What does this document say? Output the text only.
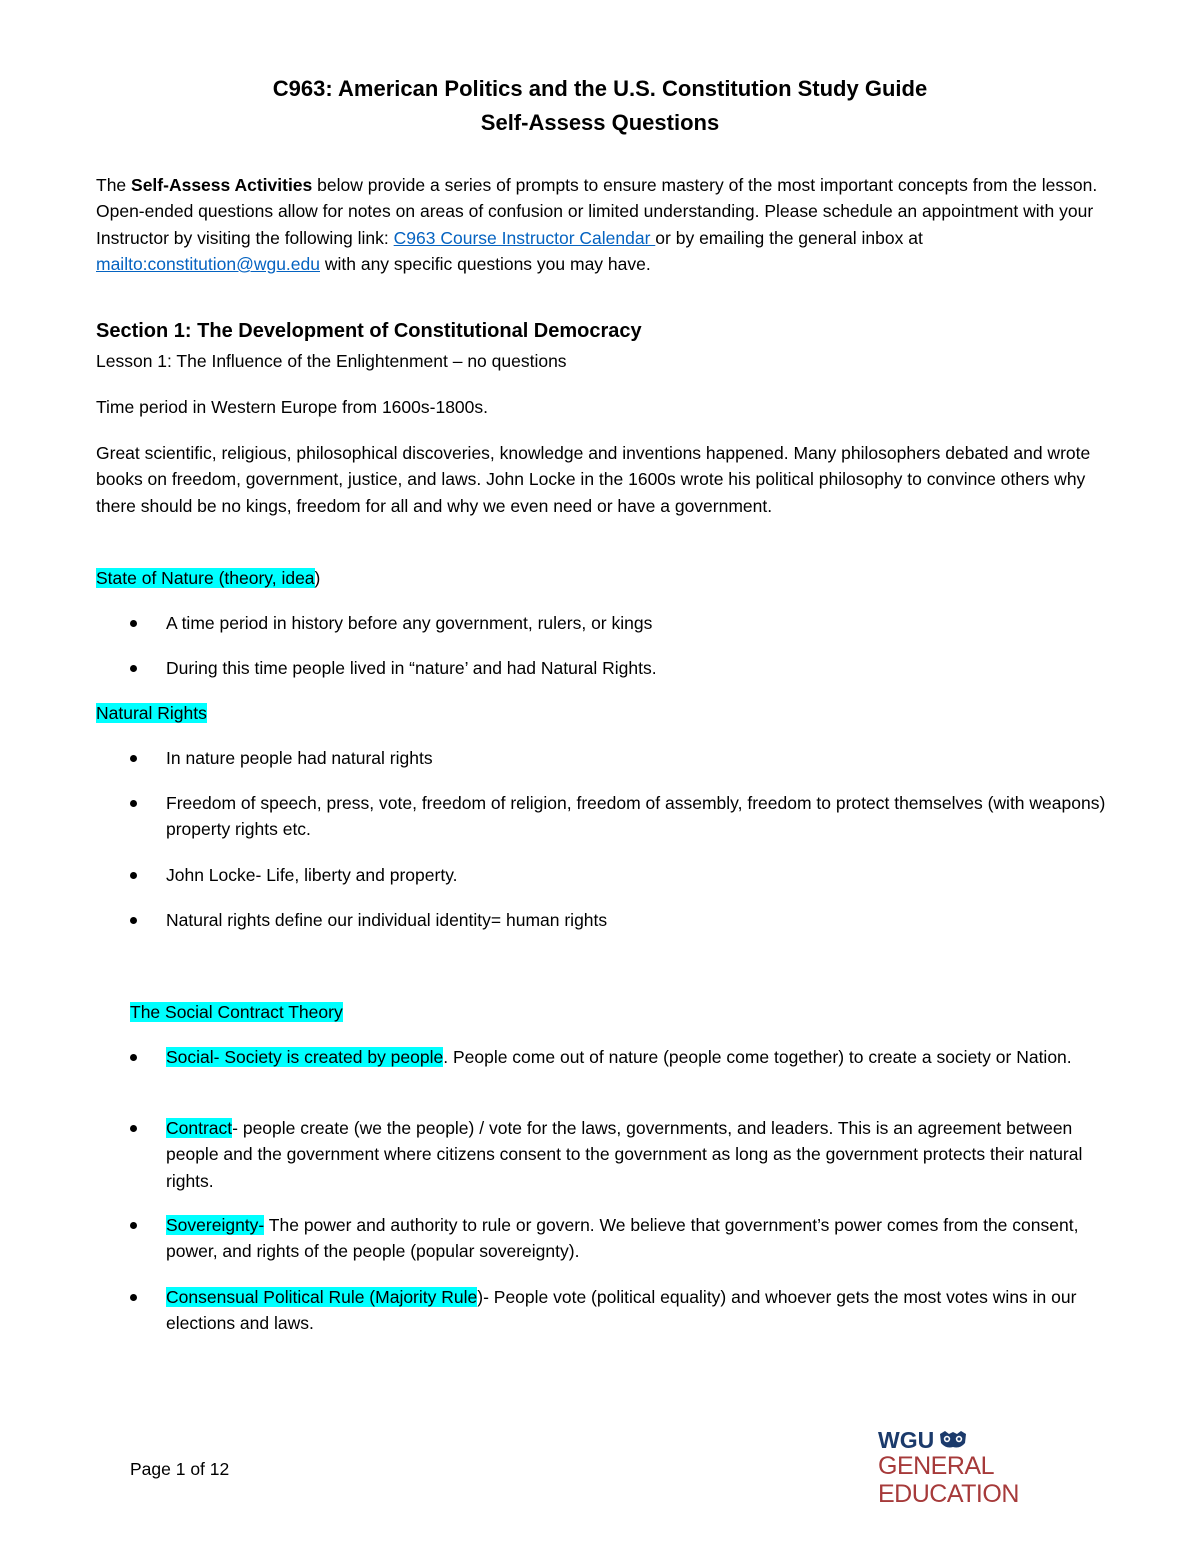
C963: American Politics and the U.S. Constitution Study Guide
Self-Assess Questions
The Self-Assess Activities below provide a series of prompts to ensure mastery of the most important concepts from the lesson. Open-ended questions allow for notes on areas of confusion or limited understanding. Please schedule an appointment with your Instructor by visiting the following link: C963 Course Instructor Calendar or by emailing the general inbox at mailto:constitution@wgu.edu with any specific questions you may have.
Section 1: The Development of Constitutional Democracy
Lesson 1: The Influence of the Enlightenment – no questions
Time period in Western Europe from 1600s-1800s.
Great scientific, religious, philosophical discoveries, knowledge and inventions happened. Many philosophers debated and wrote books on freedom, government, justice, and laws. John Locke in the 1600s wrote his political philosophy to convince others why there should be no kings, freedom for all and why we even need or have a government.
State of Nature (theory, idea)
A time period in history before any government, rulers, or kings
During this time people lived in “nature’ and had Natural Rights.
Natural Rights
In nature people had natural rights
Freedom of speech, press, vote, freedom of religion, freedom of assembly, freedom to protect themselves (with weapons) property rights etc.
John Locke- Life, liberty and property.
Natural rights define our individual identity= human rights
The Social Contract Theory
Social- Society is created by people. People come out of nature (people come together) to create a society or Nation.
Contract- people create (we the people) / vote for the laws, governments, and leaders. This is an agreement between people and the government where citizens consent to the government as long as the government protects their natural rights.
Sovereignty- The power and authority to rule or govern. We believe that government’s power comes from the consent, power, and rights of the people (popular sovereignty).
Consensual Political Rule (Majority Rule)- People vote (political equality) and whoever gets the most votes wins in our elections and laws.
Page 1 of 12
WGU
GENERAL EDUCATION
